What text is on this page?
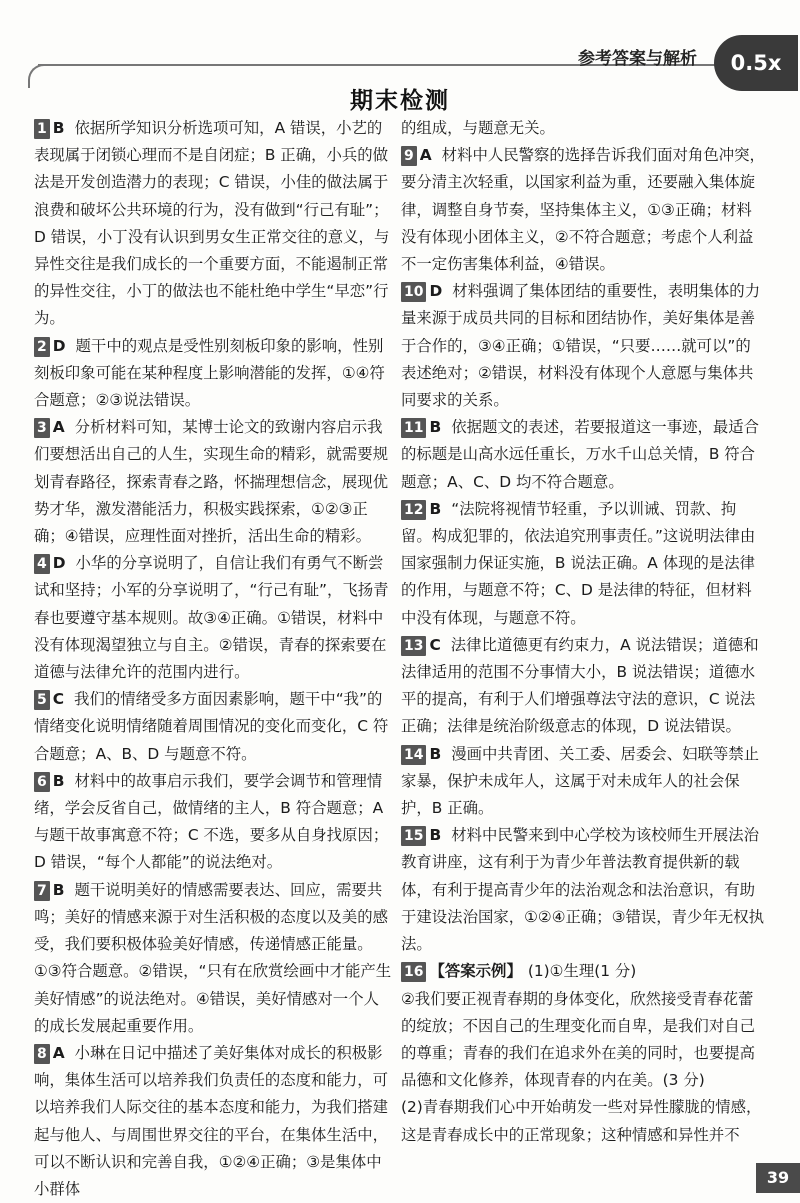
参考答案与解析	0.5x
期末检测

1 B 依据所学知识分析选项可知，A 错误，小艺的表现属于闭锁心理而不是自闭症；B 正确，小兵的做法是开发创造潜力的表现；C 错误，小佳的做法属于浪费和破坏公共环境的行为，没有做到“行己有耻”；D 错误，小丁没有认识到男女生正常交往的意义，与异性交往是我们成长的一个重要方面，不能遏制正常的异性交往，小丁的做法也不能杜绝中学生“早恋”行为。

2 D 题干中的观点是受性别刻板印象的影响，性别刻板印象可能在某种程度上影响潜能的发挥，①④符合题意；②③说法错误。

3 A 分析材料可知，某博士论文的致谢内容启示我们要想活出自己的人生，实现生命的精彩，就需要规划青春路径，探索青春之路，怀揣理想信念，展现优势才华，激发潜能活力，积极实践探索，①②③正确；④错误，应理性面对挫折，活出生命的精彩。

4 D 小华的分享说明了，自信让我们有勇气不断尝试和坚持；小军的分享说明了，“行己有耻”，飞扬青春也要遵守基本规则。故③④正确。①错误，材料中没有体现渴望独立与自主。②错误，青春的探索要在道德与法律允许的范围内进行。

5 C 我们的情绪受多方面因素影响，题干中“我”的情绪变化说明情绪随着周围情况的变化而变化，C 符合题意；A、B、D 与题意不符。

6 B 材料中的故事启示我们，要学会调节和管理情绪，学会反省自己，做情绪的主人，B 符合题意；A 与题干故事寓意不符；C 不选，要多从自身找原因；D 错误，“每个人都能”的说法绝对。

7 B 题干说明美好的情感需要表达、回应，需要共鸣；美好的情感来源于对生活积极的态度以及美的感受，我们要积极体验美好情感，传递情感正能量。①③符合题意。②错误，“只有在欣赏绘画中才能产生美好情感”的说法绝对。④错误，美好情感对一个人的成长发展起重要作用。

8 A 小琳在日记中描述了美好集体对成长的积极影响，集体生活可以培养我们负责任的态度和能力，可以培养我们人际交往的基本态度和能力，为我们搭建起与他人、与周围世界交往的平台，在集体生活中，可以不断认识和完善自我，①②④正确；③是集体中小群体

的组成，与题意无关。

9 A 材料中人民警察的选择告诉我们面对角色冲突，要分清主次轻重，以国家利益为重，还要融入集体旋律，调整自身节奏，坚持集体主义，①③正确；材料没有体现小团体主义，②不符合题意；考虑个人利益不一定伤害集体利益，④错误。

10 D 材料强调了集体团结的重要性，表明集体的力量来源于成员共同的目标和团结协作，美好集体是善于合作的，③④正确；①错误，“只要……就可以”的表述绝对；②错误，材料没有体现个人意愿与集体共同要求的关系。

11 B 依据题文的表述，若要报道这一事迹，最适合的标题是山高水远任重长，万水千山总关情，B 符合题意；A、C、D 均不符合题意。

12 B “法院将视情节轻重，予以训诫、罚款、拘留。构成犯罪的，依法追究刑事责任。”这说明法律由国家强制力保证实施，B 说法正确。A 体现的是法律的作用，与题意不符；C、D 是法律的特征，但材料中没有体现，与题意不符。

13 C 法律比道德更有约束力，A 说法错误；道德和法律适用的范围不分事情大小，B 说法错误；道德水平的提高，有利于人们增强尊法守法的意识，C 说法正确；法律是统治阶级意志的体现，D 说法错误。

14 B 漫画中共青团、关工委、居委会、妇联等禁止家暴，保护未成年人，这属于对未成年人的社会保护，B 正确。

15 B 材料中民警来到中心学校为该校师生开展法治教育讲座，这有利于为青少年普法教育提供新的载体，有利于提高青少年的法治观念和法治意识，有助于建设法治国家，①②④正确；③错误，青少年无权执法。

16 【答案示例】 (1)①生理(1 分)

②我们要正视青春期的身体变化，欣然接受青春花蕾的绽放；不因自己的生理变化而自卑，是我们对自己的尊重；青春的我们在追求外在美的同时，也要提高品德和文化修养，体现青春的内在美。(3 分)

(2)青春期我们心中开始萌发一些对异性朦胧的情感，这是青春成长中的正常现象；这种情感和异性并不

39
